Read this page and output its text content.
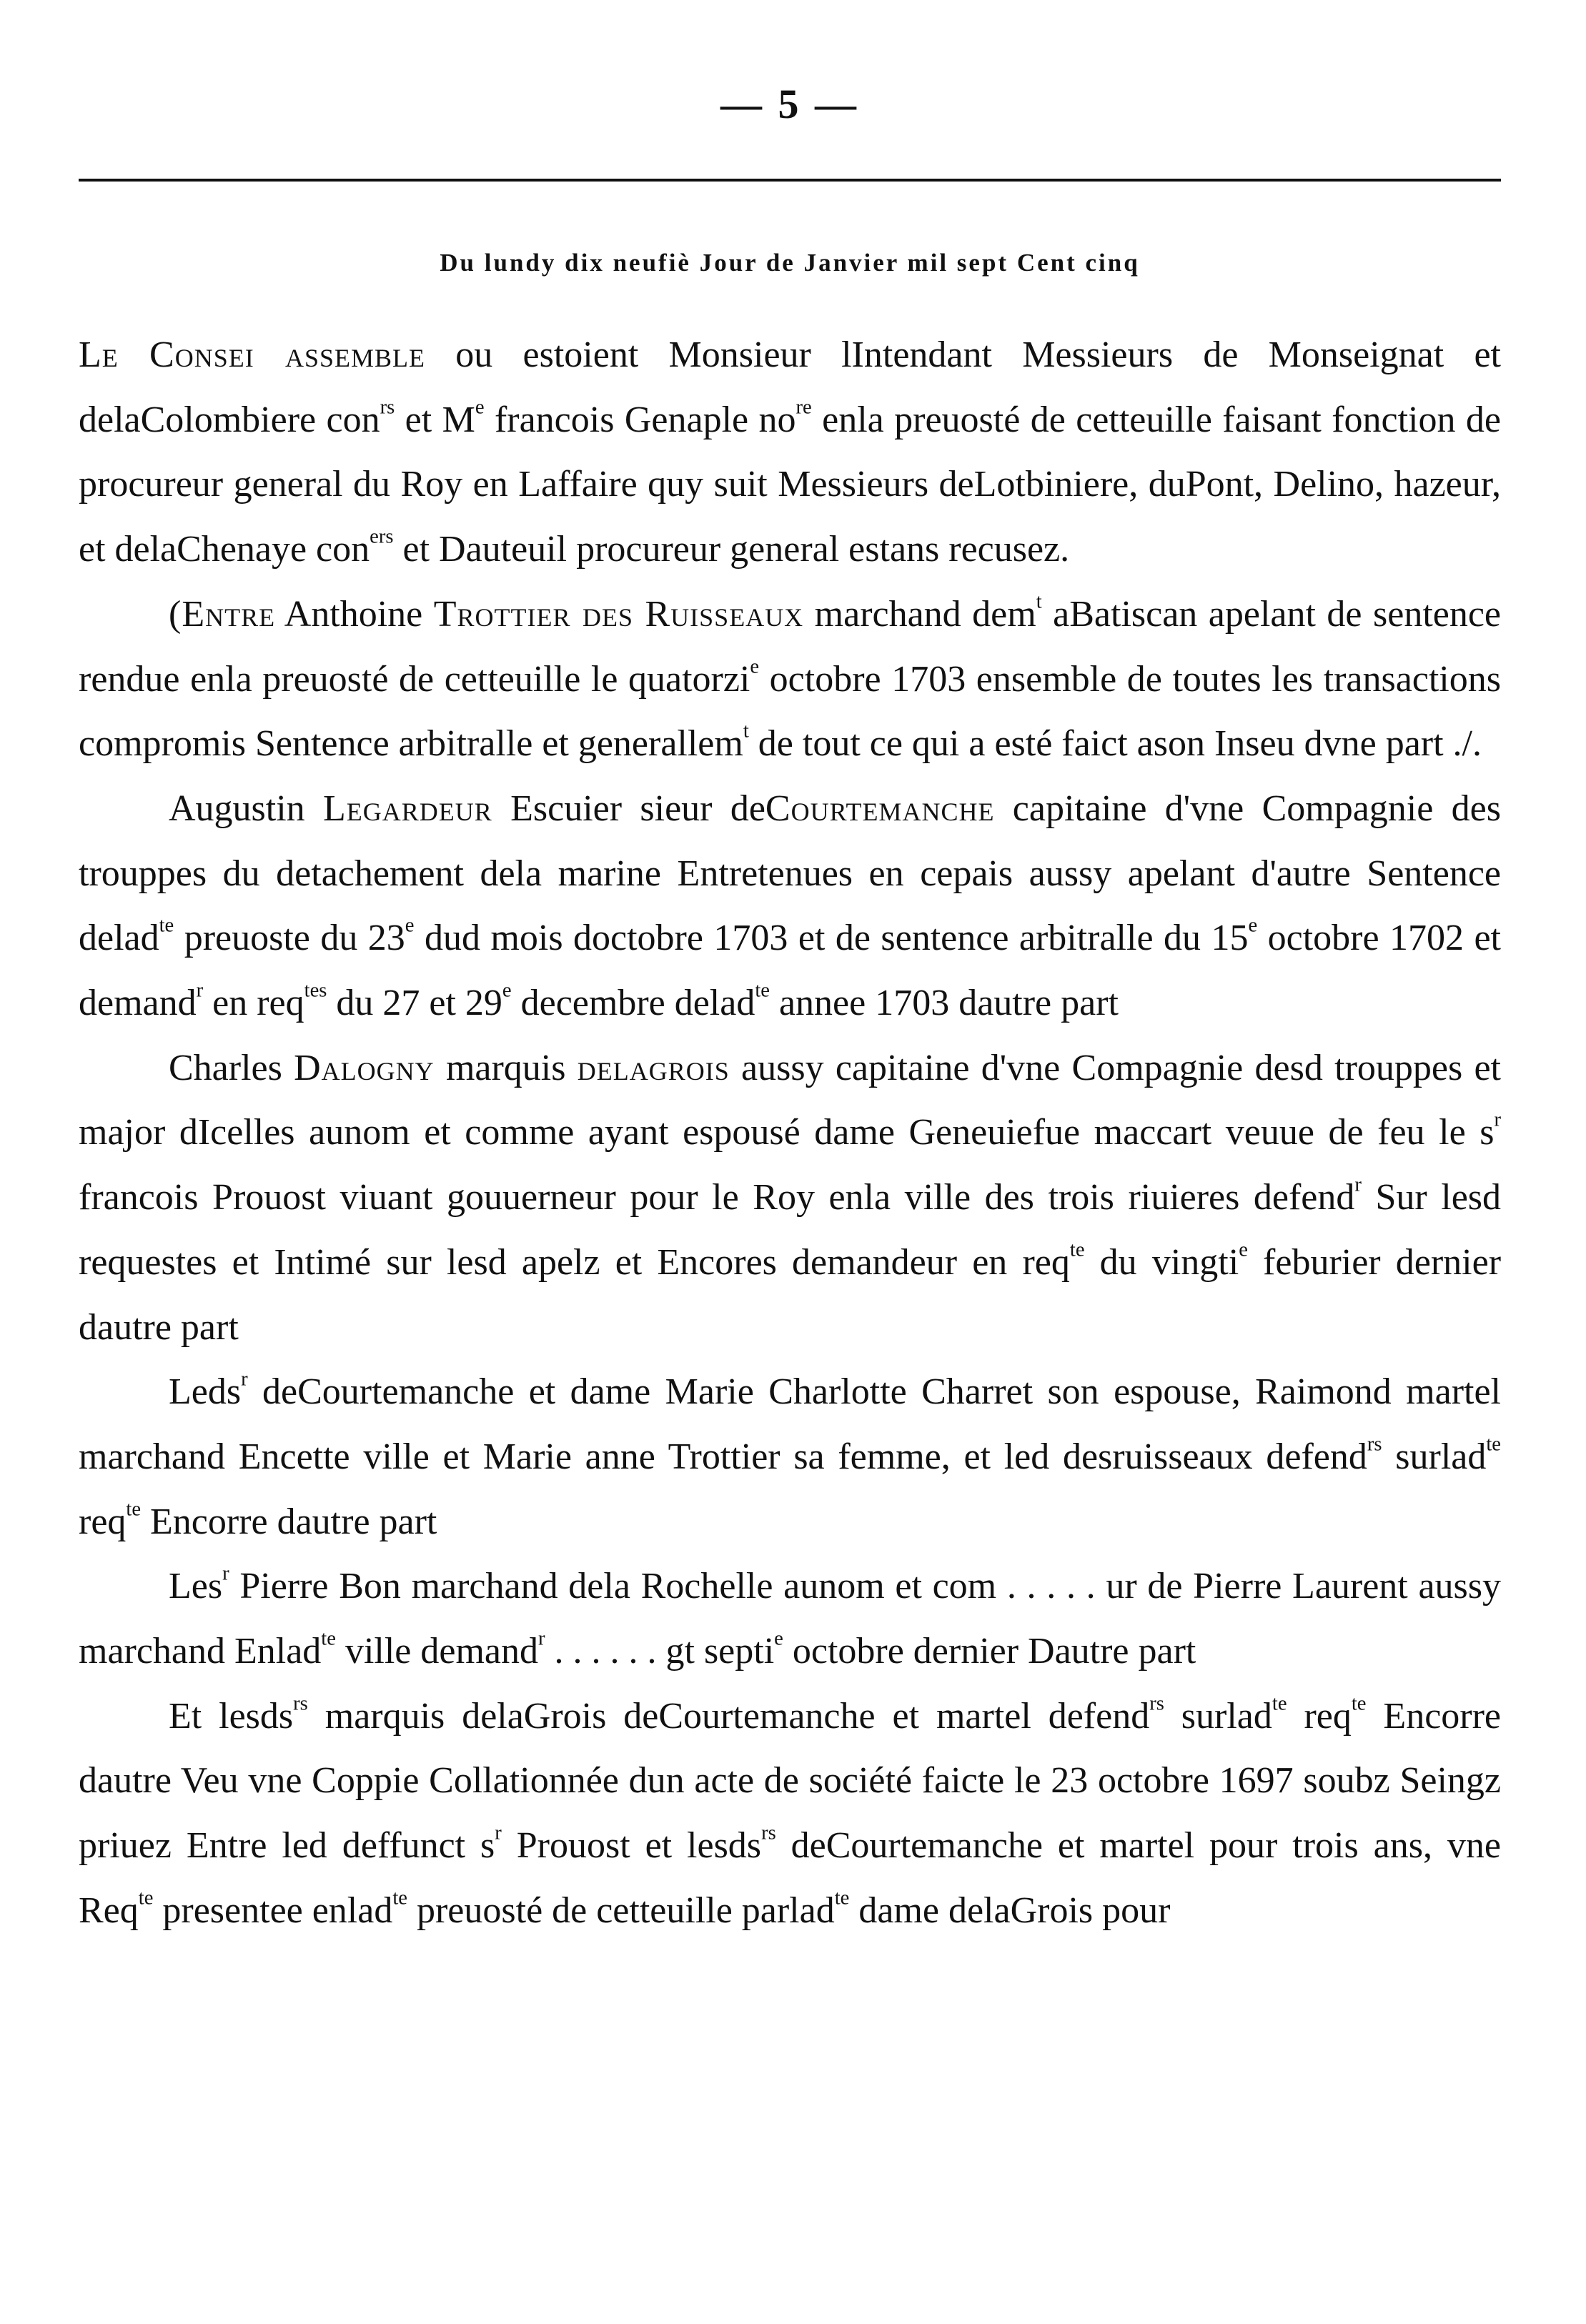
— 5 —
Du lundy dix neufiè Jour de Janvier mil sept Cent cinq

Le Consei assemble ou estoient Monsieur lIntendant Messieurs de Monseignat et delaColombiere con$^{rs}$ et Me francois Genaple $no^{re}$ enla preuosté de cetteuille faisant fonction de procureur general du Roy en Laffaire quy suit Messieurs deLotbiniere, duPont, Delino, hazeur, et delaChenaye con$^{ers}$ et Dauteuil procureur general estans recusez.

(Entre Anthoine Trottier des Ruisseaux marchand dem$^t$ aBatiscan apelant de sentence rendue enla preuosté de cetteuille le quatorzi$^e$ octobre 1703 ensemble de toutes les transactions compromis Sentence arbitralle et generallem$^t$ de tout ce qui a esté faict ason Inseu dvne part ./.

Augustin Legardeur Escuier sieur deCourtemanche capitaine d'vne Compagnie des trouppes du detachement dela marine Entretenues en cepais aussy apelant d'autre Sentence delad$^{te}$ preuoste du 23e dud mois doctobre 1703 et de sentence arbitralle du 15e octobre 1702 et demand$^r$ en req$^{tes}$ du 27 et 29e decembre delad$^{te}$ annee 1703 dautre part

Charles Dalogny marquis delagrois aussy capitaine d'vne Compagnie desd trouppes et major dIcelles aunom et comme ayant espousé dame Geneuiefue maccart veuue de feu le $s^r$ francois Prouost viuant gouuerneur pour le Roy enla ville des trois riuieres defend$^r$ Sur lesd requestes et Intimé sur lesd apelz et Encores demandeur en req$^{te}$ du vingti$^e$ feburier dernier dautre part

Leds$^r$ deCourtemanche et dame Marie Charlotte Charret son espouse, Raimond martel marchand Encette ville et Marie anne Trottier sa femme, et led desruisseaux defend$^{rs}$ surlad$^{te}$ req$^{te}$ Encorre dautre part

Les$^r$ Pierre Bon marchand dela Rochelle aunom et com . . . . . ur de Pierre Laurent aussy marchand Enlad$^{te}$ ville demand$^r$ . . . . . . gt septi$^e$ octobre dernier Dautre part

Et lesds$^{rs}$ marquis delaGrois deCourtemanche et martel defend$^{rs}$ surlad$^{te}$ req$^{te}$ Encorre dautre Veu vne Coppie Collationnée dun acte de société faicte le 23 octobre 1697 soubz Seingz priuez Entre led deffunct $s^r$ Prouost et lesds$^{rs}$ deCourtemanche et martel pour trois ans, vne Req$^{te}$ presentee enlad$^{te}$ preuosté de cetteuille parlad$^{te}$ dame delaGrois pour
